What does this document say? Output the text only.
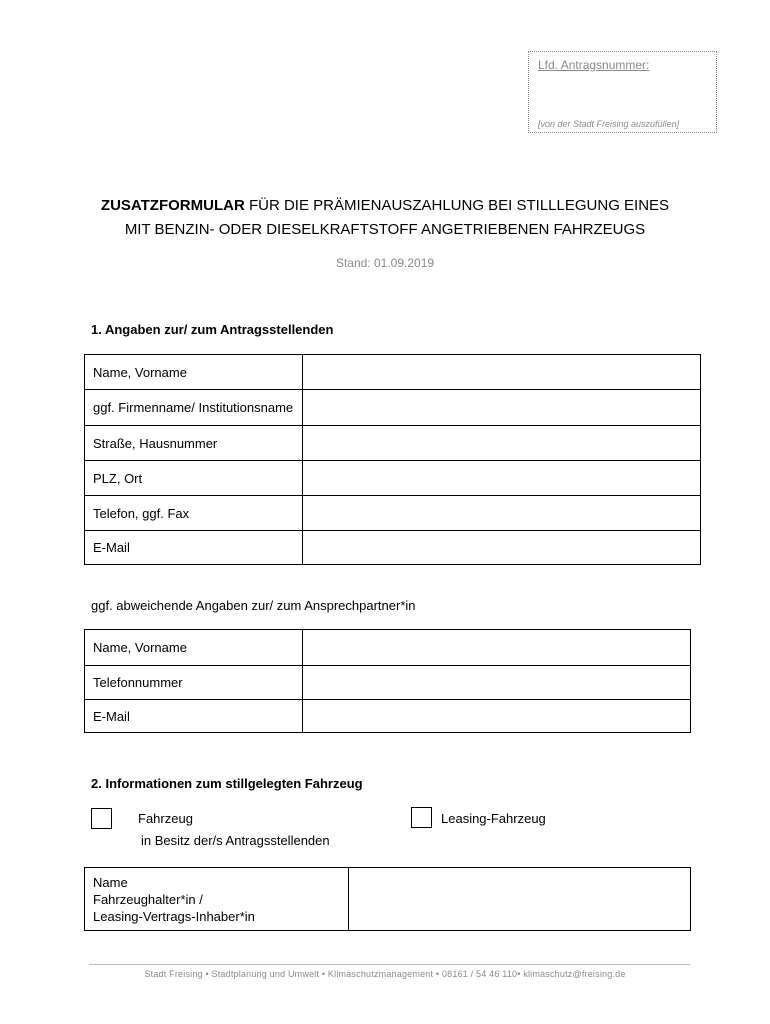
Lfd. Antragsnummer:
[von der Stadt Freising auszufüllen]
ZUSATZFORMULAR FÜR DIE PRÄMIENAUSZAHLUNG BEI STILLLEGUNG EINES
MIT BENZIN- ODER DIESELKRAFTSTOFF ANGETRIEBENEN FAHRZEUGS
Stand: 01.09.2019
1. Angaben zur/ zum Antragsstellenden
Name, Vorname	
ggf. Firmenname/ Institutionsname	
Straße, Hausnummer	
PLZ, Ort	
Telefon, ggf. Fax	
E-Mail	
ggf. abweichende Angaben zur/ zum Ansprechpartner*in
Name, Vorname	
Telefonnummer	
E-Mail	
2. Informationen zum stillgelegten Fahrzeug
Fahrzeug
in Besitz der/s Antragsstellenden
Leasing-Fahrzeug
Name
Fahrzeughalter*in /
Leasing-Vertrags-Inhaber*in

Stadt Freising • Stadtplanung und Umwelt • Klimaschutzmanagement • 08161 / 54 46 110• klimaschutz@freising.de
